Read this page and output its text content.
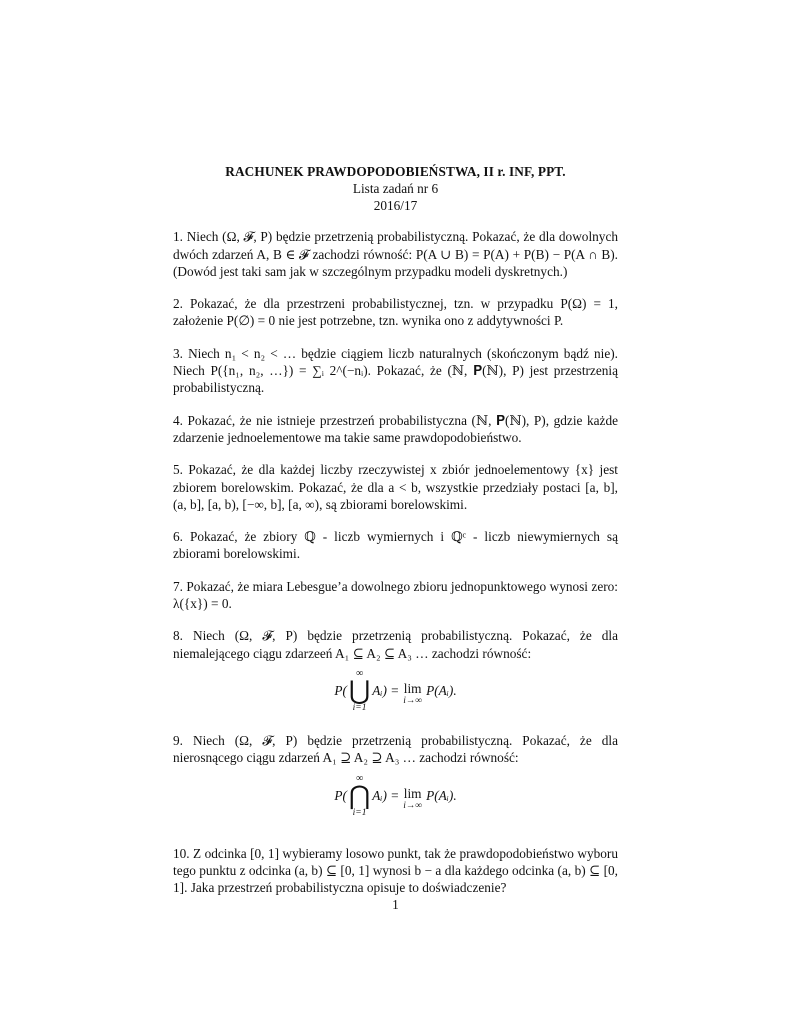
RACHUNEK PRAWDOPODOBIEŃSTWA, II r. INF, PPT.
Lista zadań nr 6
2016/17
1. Niech (Ω, 𝓕, P) będzie przetrzenią probabilistyczną. Pokazać, że dla dowolnych dwóch zdarzeń A, B ∈ 𝓕 zachodzi równość: P(A ∪ B) = P(A) + P(B) − P(A ∩ B). (Dowód jest taki sam jak w szczególnym przypadku modeli dyskretnych.)
2. Pokazać, że dla przestrzeni probabilistycznej, tzn. w przypadku P(Ω) = 1, założenie P(∅) = 0 nie jest potrzebne, tzn. wynika ono z addytywności P.
3. Niech n₁ < n₂ < … będzie ciągiem liczb naturalnych (skończonym bądź nie). Niech P({n₁, n₂, …}) = ∑ᵢ 2^(−nᵢ). Pokazać, że (ℕ, 𝐏(ℕ), P) jest przestrzenią probabilistyczną.
4. Pokazać, że nie istnieje przestrzeń probabilistyczna (ℕ, 𝐏(ℕ), P), gdzie każde zdarzenie jednoelementowe ma takie same prawdopodobieństwo.
5. Pokazać, że dla każdej liczby rzeczywistej x zbiór jednoelementowy {x} jest zbiorem borelowskim. Pokazać, że dla a < b, wszystkie przedziały postaci [a, b], (a, b], [a, b), [−∞, b], [a, ∞), są zbiorami borelowskimi.
6. Pokazać, że zbiory ℚ - liczb wymiernych i ℚᶜ - liczb niewymiernych są zbiorami borelowskimi.
7. Pokazać, że miara Lebesgue’a dowolnego zbioru jednopunktowego wynosi zero: λ({x}) = 0.
8. Niech (Ω, 𝓕, P) będzie przetrzenią probabilistyczną. Pokazać, że dla niemalejącego ciągu zdarzeeń A₁ ⊆ A₂ ⊆ A₃ … zachodzi równość:
P(
∞
⋃
i=1
Aᵢ) = lim
i→∞
P(Aᵢ).
9. Niech (Ω, 𝓕, P) będzie przetrzenią probabilistyczną. Pokazać, że dla nierosnącego ciągu zdarzeń A₁ ⊇ A₂ ⊇ A₃ … zachodzi równość:
P(
∞
⋂
i=1
Aᵢ) = lim
i→∞
P(Aᵢ).
10. Z odcinka [0, 1] wybieramy losowo punkt, tak że prawdopodobieństwo wyboru tego punktu z odcinka (a, b) ⊆ [0, 1] wynosi b − a dla każdego odcinka (a, b) ⊆ [0, 1]. Jaka przestrzeń probabilistyczna opisuje to doświadczenie?
1
